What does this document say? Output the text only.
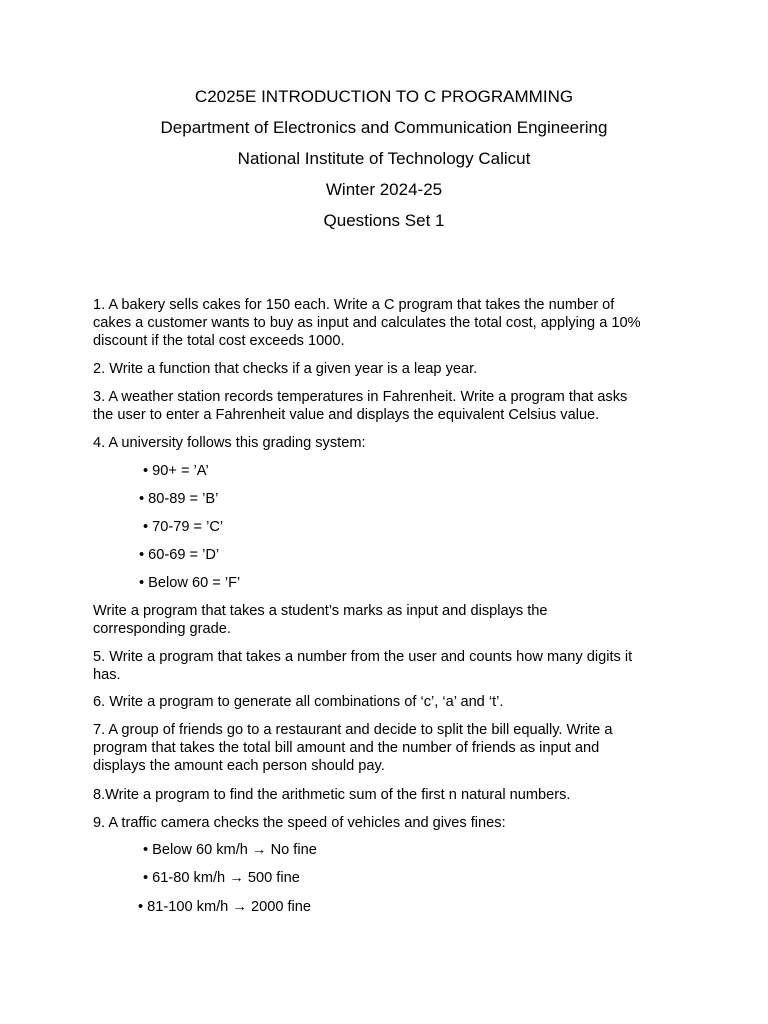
C2025E INTRODUCTION TO C PROGRAMMING
Department of Electronics and Communication Engineering
National Institute of Technology Calicut
Winter 2024-25
Questions Set 1
1. A bakery sells cakes for 150 each. Write a C program that takes the number of
cakes a customer wants to buy as input and calculates the total cost, applying a 10%
discount if the total cost exceeds 1000.
2. Write a function that checks if a given year is a leap year.
3. A weather station records temperatures in Fahrenheit. Write a program that asks
the user to enter a Fahrenheit value and displays the equivalent Celsius value.
4. A university follows this grading system:
• 90+ = ’A’
• 80-89 = ’B’
• 70-79 = ’C’
• 60-69 = ’D’
• Below 60 = ’F’
Write a program that takes a student’s marks as input and displays the
corresponding grade.
5. Write a program that takes a number from the user and counts how many digits it
has.
6. Write a program to generate all combinations of ‘c’, ‘a’ and ‘t’.
7. A group of friends go to a restaurant and decide to split the bill equally. Write a
program that takes the total bill amount and the number of friends as input and
displays the amount each person should pay.
8.Write a program to find the arithmetic sum of the first n natural numbers.
9. A traffic camera checks the speed of vehicles and gives fines:
• Below 60 km/h → No fine
• 61-80 km/h → 500 fine
• 81-100 km/h → 2000 fine
